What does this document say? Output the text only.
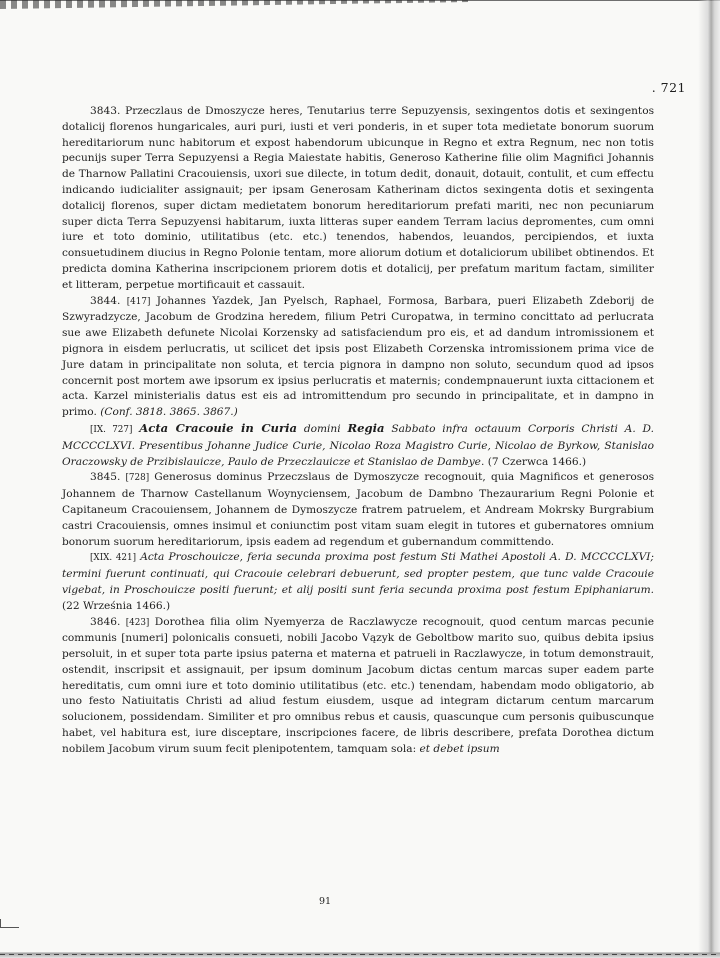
. 721

3843. Przeczlaus de Dmoszycze heres, Tenutarius terre Sepuzyensis, sexingentos dotis et sexingentos dotalicij florenos hungaricales, auri puri, iusti et veri ponderis, in et super tota medietate bonorum suorum hereditariorum nunc habitorum et expost habendorum ubicunque in Regno et extra Regnum, nec non totis pecunijs super Terra Sepuzyensi a Regia Maiestate habitis, Generoso Katherine filie olim Magnifici Johannis de Tharnow Pallatini Cracouiensis, uxori sue dilecte, in totum dedit, donauit, dotauit, contulit, et cum effectu indicando iudicialiter assignauit; per ipsam Generosam Katherinam dictos sexingenta dotis et sexingenta dotalicij florenos, super dictam medietatem bonorum hereditariorum prefati mariti, nec non pecuniarum super dicta Terra Sepuzyensi habitarum, iuxta litteras super eandem Terram lacius depromentes, cum omni iure et toto dominio, utilitatibus (etc. etc.) tenendos, habendos, leuandos, percipiendos, et iuxta consuetudinem diucius in Regno Polonie tentam, more aliorum dotium et dotaliciorum ubilibet obtinendos. Et predicta domina Katherina inscripcionem priorem dotis et dotalicij, per prefatum maritum factam, similiter et litteram, perpetue mortificauit et cassauit.

3844. [417] Johannes Yazdek, Jan Pyelsch, Raphael, Formosa, Barbara, pueri Elizabeth Zdeborij de Szwyradzycze, Jacobum de Grodzina heredem, filium Petri Curopatwa, in termino concittato ad perlucrata sue awe Elizabeth defunete Nicolai Korzensky ad satisfaciendum pro eis, et ad dandum intromissionem et pignora in eisdem perlucratis, ut scilicet det ipsis post Elizabeth Corzenska intromissionem prima vice de Jure datam in principalitate non soluta, et tercia pignora in dampno non soluto, secundum quod ad ipsos concernit post mortem awe ipsorum ex ipsius perlucratis et maternis; condempnauerunt iuxta cittacionem et acta. Karzel ministerialis datus est eis ad intromittendum pro secundo in principalitate, et in dampno in primo. (Conf. 3818. 3865. 3867.)

[IX. 727] Acta Cracouie in Curia domini Regia Sabbato infra octauum Corporis Christi A. D. MCCCCLXVI. Presentibus Johanne Judice Curie, Nicolao Roza Magistro Curie, Nicolao de Byrkow, Stanislao Oraczowsky de Przibislauicze, Paulo de Przeczlauicze et Stanislao de Dambye. (7 Czerwca 1466.)

3845. [728] Generosus dominus Przeczslaus de Dymoszycze recognouit, quia Magnificos et generosos Johannem de Tharnow Castellanum Woynyciensem, Jacobum de Dambno Thezaurarium Regni Polonie et Capitaneum Cracouiensem, Johannem de Dymoszycze fratrem patruelem, et Andream Mokrsky Burgrabium castri Cracouiensis, omnes insimul et coniunctim post vitam suam elegit in tutores et gubernatores omnium bonorum suorum hereditariorum, ipsis eadem ad regendum et gubernandum committendo.

[XIX. 421] Acta Proschouicze, feria secunda proxima post festum Sti Mathei Apostoli A. D. MCCCCLXVI; termini fuerunt continuati, qui Cracouie celebrari debuerunt, sed propter pestem, que tunc valde Cracouie vigebat, in Proschouicze positi fuerunt; et alij positi sunt feria secunda proxima post festum Epiphaniarum. (22 Września 1466.)

3846. [423] Dorothea filia olim Nyemyerza de Raczlawycze recognouit, quod centum marcas pecunie communis [numeri] polonicalis consueti, nobili Jacobo Vązyk de Geboltbow marito suo, quibus debita ipsius persoluit, in et super tota parte ipsius paterna et materna et patrueli in Raczlawycze, in totum demonstrauit, ostendit, inscripsit et assignauit, per ipsum dominum Jacobum dictas centum marcas super eadem parte hereditatis, cum omni iure et toto dominio utilitatibus (etc. etc.) tenendam, habendam modo obligatorio, ab uno festo Natiuitatis Christi ad aliud festum eiusdem, usque ad integram dictarum centum marcarum solucionem, possidendam. Similiter et pro omnibus rebus et causis, quascunque cum personis quibuscunque habet, vel habitura est, iure disceptare, inscripciones facere, de libris describere, prefata Dorothea dictum nobilem Jacobum virum suum fecit plenipotentem, tamquam sola: et debet ipsum

91
